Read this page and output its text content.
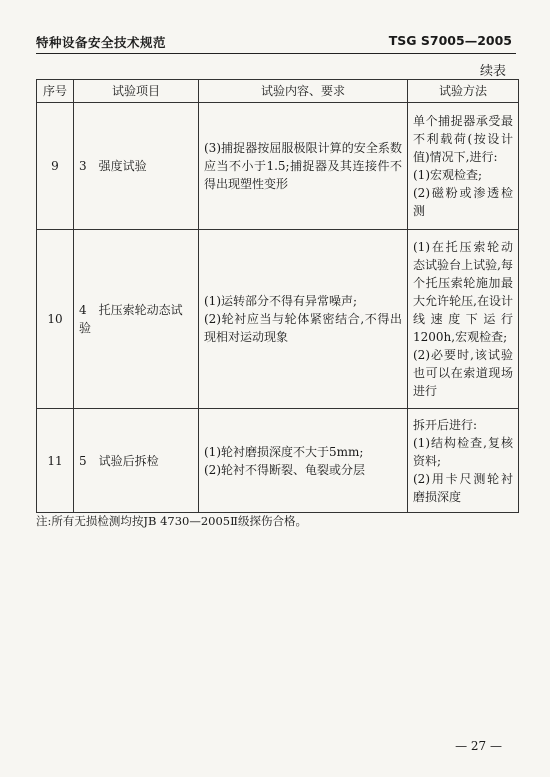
特种设备安全技术规范	TSG S7005—2005
续表
序号	试验项目	试验内容、要求	试验方法
9	3　强度试验	(3)捕捉器按屈服极限计算的安全系数应当不小于1.5;捕捉器及其连接件不得出现塑性变形	单个捕捉器承受最不利载荷(按设计值)情况下,进行:
(1)宏观检查;
(2)磁粉或渗透检测

10	4　托压索轮动态试验	(1)运转部分不得有异常噪声;
(2)轮衬应当与轮体紧密结合,不得出现相对运动现象	(1)在托压索轮动态试验台上试验,每个托压索轮施加最大允许轮压,在设计线速度下运行1200h,宏观检查;
(2)必要时,该试验也可以在索道现场进行

11	5　试验后拆检	(1)轮衬磨损深度不大于5mm;
(2)轮衬不得断裂、龟裂或分层	拆开后进行:
(1)结构检查,复核资料;
(2)用卡尺测轮衬磨损深度
注:所有无损检测均按JB 4730—2005Ⅱ级探伤合格。
— 27 —
